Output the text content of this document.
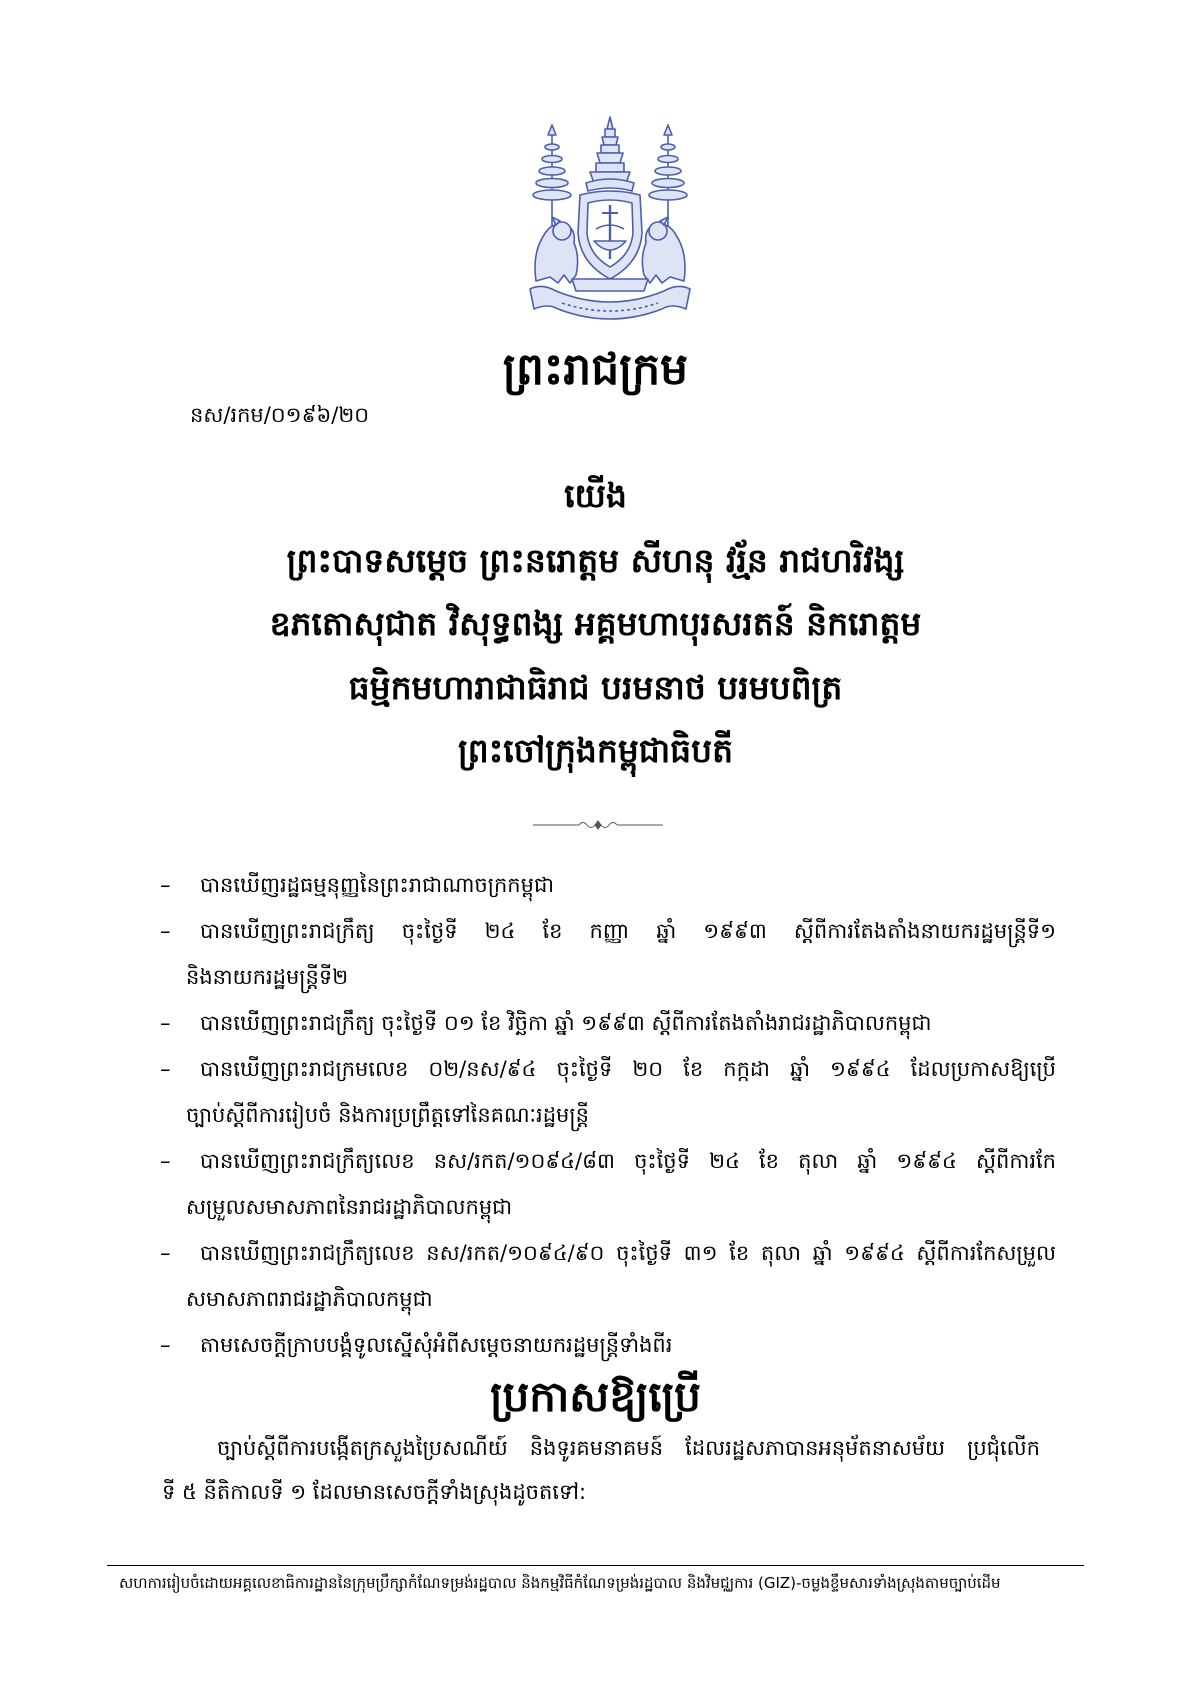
ព្រះរាជក្រម
នស/រកម/០១៩៦/២០
យើង
ព្រះបាទសម្តេច ព្រះនរោត្តម សីហនុ វរ្ម័ន រាជហរិវង្ស
ឧភតោសុជាត វិសុទ្ធពង្ស អគ្គមហាបុរសរតន៍ និករោត្តម
ធម្មិកមហារាជាធិរាជ បរមនាថ បរមបពិត្រ
ព្រះចៅក្រុងកម្ពុជាធិបតី
–	បានឃើញរដ្ឋធម្មនុញ្ញនៃព្រះរាជាណាចក្រកម្ពុជា
–	បានឃើញព្រះរាជក្រឹត្យ ចុះថ្ងៃទី ២៤ ខែ កញ្ញា ឆ្នាំ ១៩៩៣ ស្តីពីការតែងតាំងនាយករដ្ឋមន្ត្រីទី១
និងនាយករដ្ឋមន្ត្រីទី២
–	បានឃើញព្រះរាជក្រឹត្យ ចុះថ្ងៃទី ០១ ខែ វិច្ឆិកា ឆ្នាំ ១៩៩៣ ស្តីពីការតែងតាំងរាជរដ្ឋាភិបាលកម្ពុជា
–	បានឃើញព្រះរាជក្រមលេខ ០២/នស/៩៤ ចុះថ្ងៃទី ២០ ខែ កក្កដា ឆ្នាំ ១៩៩៤ ដែលប្រកាសឱ្យប្រើ
ច្បាប់ស្តីពីការរៀបចំ និងការប្រព្រឹត្តទៅនៃគណៈរដ្ឋមន្ត្រី
–	បានឃើញព្រះរាជក្រឹត្យលេខ នស/រកត/១០៩៤/៨៣ ចុះថ្ងៃទី ២៤ ខែ តុលា ឆ្នាំ ១៩៩៤ ស្តីពីការកែ
សម្រួលសមាសភាពនៃរាជរដ្ឋាភិបាលកម្ពុជា
–	បានឃើញព្រះរាជក្រឹត្យលេខ នស/រកត/១០៩៤/៩០ ចុះថ្ងៃទី ៣១ ខែ តុលា ឆ្នាំ ១៩៩៤ ស្តីពីការកែសម្រួល
សមាសភាពរាជរដ្ឋាភិបាលកម្ពុជា
–	តាមសេចក្តីក្រាបបង្គំទូលស្នើសុំអំពីសម្តេចនាយករដ្ឋមន្ត្រីទាំងពីរ
ប្រកាសឱ្យប្រើ
ច្បាប់ស្តីពីការបង្កើតក្រសួងប្រៃសណីយ៍ និងទូរគមនាគមន៍ ដែលរដ្ឋសភាបានអនុម័តនាសម័យ ប្រជុំលើក
ទី ៥ នីតិកាលទី ១ ដែលមានសេចក្តីទាំងស្រុងដូចតទៅ:
សហការរៀបចំដោយអគ្គលេខាធិការដ្ឋាននៃក្រុមប្រឹក្សាកំណែទម្រង់រដ្ឋបាល និងកម្មវិធីកំណែទម្រង់រដ្ឋបាល និងវិមជ្ឈការ (GIZ)-ចម្លងខ្ទឹមសារទាំងស្រុងតាមច្បាប់ដើម
